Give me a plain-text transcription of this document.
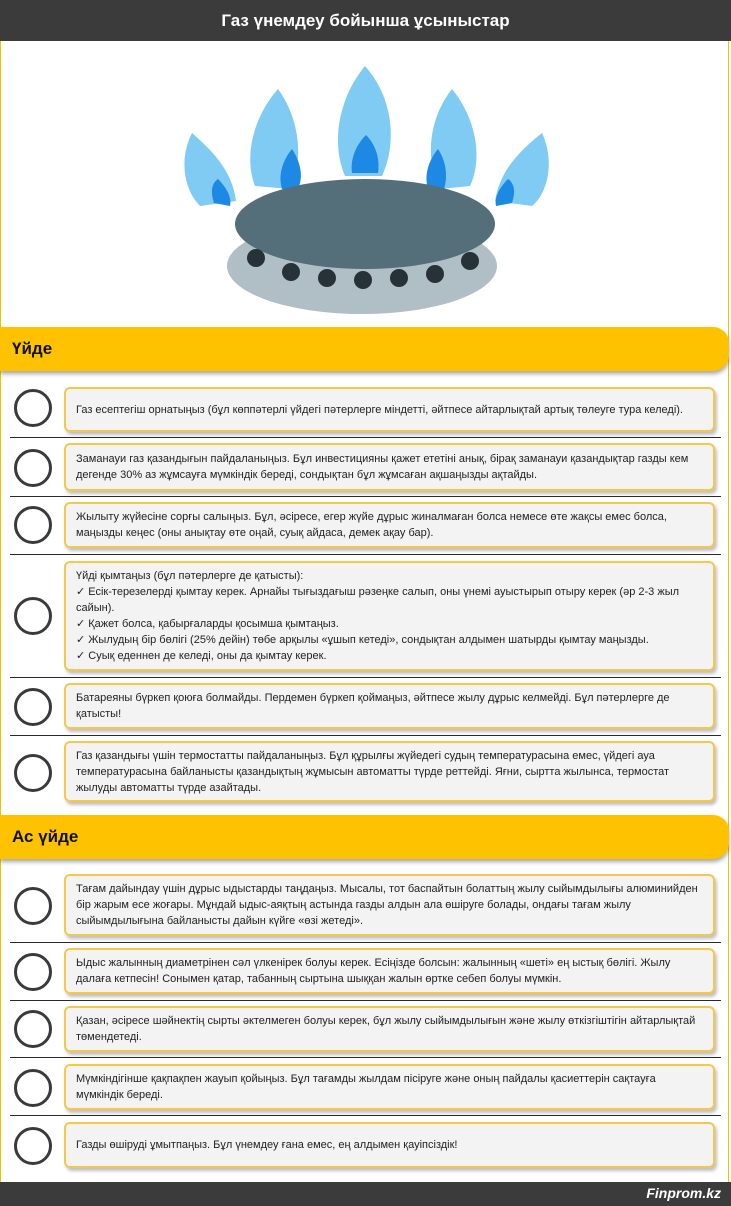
Газ үнемдеу бойынша ұсыныстар
Үйде

Газ есептегіш орнатыңыз (бұл көппәтерлі үйдегі пәтерлерге міндетті, әйтпесе айтарлықтай артық төлеуге тура келеді).

Заманауи газ қазандығын пайдаланыңыз. Бұл инвестицияны қажет ететіні анық, бірақ заманауи қазандықтар газды кем дегенде 30% аз жұмсауға мүмкіндік береді, сондықтан бұл жұмсаған ақшаңызды ақтайды.

Жылыту жүйесіне сорғы салыңыз. Бұл, әсіресе, егер жүйе дұрыс жиналмаған болса немесе өте жақсы емес болса, маңызды кеңес (оны анықтау өте оңай, суық айдаса, демек ақау бар).

Үйді қымтаңыз (бұл пәтерлерге де қатысты):

✓ Есік-терезелерді қымтау керек. Арнайы тығыздағыш рәзеңке салып, оны үнемі ауыстырып отыру керек (әр 2-3 жыл сайын).

✓ Қажет болса, қабырғаларды қосымша қымтаңыз.

✓ Жылудың бір бөлігі (25% дейін) төбе арқылы «ұшып кетеді», сондықтан алдымен шатырды қымтау маңызды.

✓ Суық еденнен де келеді, оны да қымтау керек.

Батареяны бүркеп қоюға болмайды. Пердемен бүркеп қоймаңыз, әйтпесе жылу дұрыс келмейді. Бұл пәтерлерге де қатысты!

Газ қазандығы үшін термостатты пайдаланыңыз. Бұл құрылғы жүйедегі судың температурасына емес, үйдегі ауа температурасына байланысты қазандықтың жұмысын автоматты түрде реттейді. Яғни, сыртта жылынса, термостат жылуды автоматты түрде азайтады.

Ас үйде

Тағам дайындау үшін дұрыс ыдыстарды таңдаңыз. Мысалы, тот баспайтын болаттың жылу сыйымдылығы алюминийден бір жарым есе жоғары. Мұндай ыдыс-аяқтың астында газды алдын ала өшіруге болады, ондағы тағам жылу сыйымдылығына байланысты дайын күйге «өзі жетеді».

Ыдыс жалынның диаметрінен сәл үлкенірек болуы керек. Есіңізде болсын: жалынның «шеті» ең ыстық бөлігі. Жылу далаға кетпесін! Сонымен қатар, табанның сыртына шыққан жалын өртке себеп болуы мүмкін.

Қазан, әсіресе шәйнектің сырты әктелмеген болуы керек, бұл жылу сыйымдылығын және жылу өткізгіштігін айтарлықтай төмендетеді.

Мүмкіндігінше қақпақпен жауып қойыңыз. Бұл тағамды жылдам пісіруге және оның пайдалы қасиеттерін сақтауға мүмкіндік береді.

Газды өшіруді ұмытпаңыз. Бұл үнемдеу ғана емес, ең алдымен қауіпсіздік!

Finprom.kz
